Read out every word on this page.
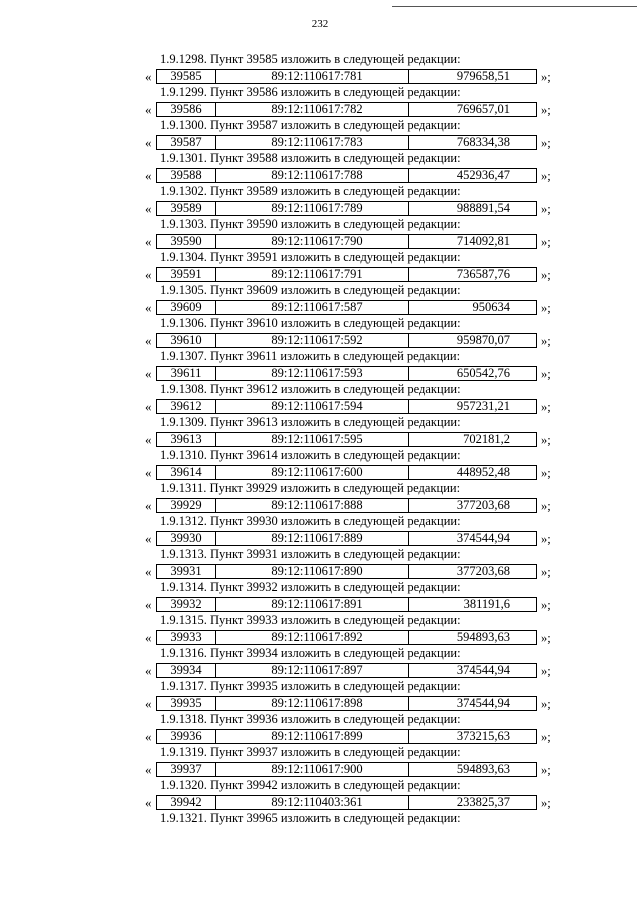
232
1.9.1298. Пункт 39585 изложить в следующей редакции:
«	39585	89:12:110617:781	979658,51	»;
1.9.1299. Пункт 39586 изложить в следующей редакции:
«	39586	89:12:110617:782	769657,01	»;
1.9.1300. Пункт 39587 изложить в следующей редакции:
«	39587	89:12:110617:783	768334,38	»;
1.9.1301. Пункт 39588 изложить в следующей редакции:
«	39588	89:12:110617:788	452936,47	»;
1.9.1302. Пункт 39589 изложить в следующей редакции:
«	39589	89:12:110617:789	988891,54	»;
1.9.1303. Пункт 39590 изложить в следующей редакции:
«	39590	89:12:110617:790	714092,81	»;
1.9.1304. Пункт 39591 изложить в следующей редакции:
«	39591	89:12:110617:791	736587,76	»;
1.9.1305. Пункт 39609 изложить в следующей редакции:
«	39609	89:12:110617:587	950634	»;
1.9.1306. Пункт 39610 изложить в следующей редакции:
«	39610	89:12:110617:592	959870,07	»;
1.9.1307. Пункт 39611 изложить в следующей редакции:
«	39611	89:12:110617:593	650542,76	»;
1.9.1308. Пункт 39612 изложить в следующей редакции:
«	39612	89:12:110617:594	957231,21	»;
1.9.1309. Пункт 39613 изложить в следующей редакции:
«	39613	89:12:110617:595	702181,2	»;
1.9.1310. Пункт 39614 изложить в следующей редакции:
«	39614	89:12:110617:600	448952,48	»;
1.9.1311. Пункт 39929 изложить в следующей редакции:
«	39929	89:12:110617:888	377203,68	»;
1.9.1312. Пункт 39930 изложить в следующей редакции:
«	39930	89:12:110617:889	374544,94	»;
1.9.1313. Пункт 39931 изложить в следующей редакции:
«	39931	89:12:110617:890	377203,68	»;
1.9.1314. Пункт 39932 изложить в следующей редакции:
«	39932	89:12:110617:891	381191,6	»;
1.9.1315. Пункт 39933 изложить в следующей редакции:
«	39933	89:12:110617:892	594893,63	»;
1.9.1316. Пункт 39934 изложить в следующей редакции:
«	39934	89:12:110617:897	374544,94	»;
1.9.1317. Пункт 39935 изложить в следующей редакции:
«	39935	89:12:110617:898	374544,94	»;
1.9.1318. Пункт 39936 изложить в следующей редакции:
«	39936	89:12:110617:899	373215,63	»;
1.9.1319. Пункт 39937 изложить в следующей редакции:
«	39937	89:12:110617:900	594893,63	»;
1.9.1320. Пункт 39942 изложить в следующей редакции:
«	39942	89:12:110403:361	233825,37	»;
1.9.1321. Пункт 39965 изложить в следующей редакции:
